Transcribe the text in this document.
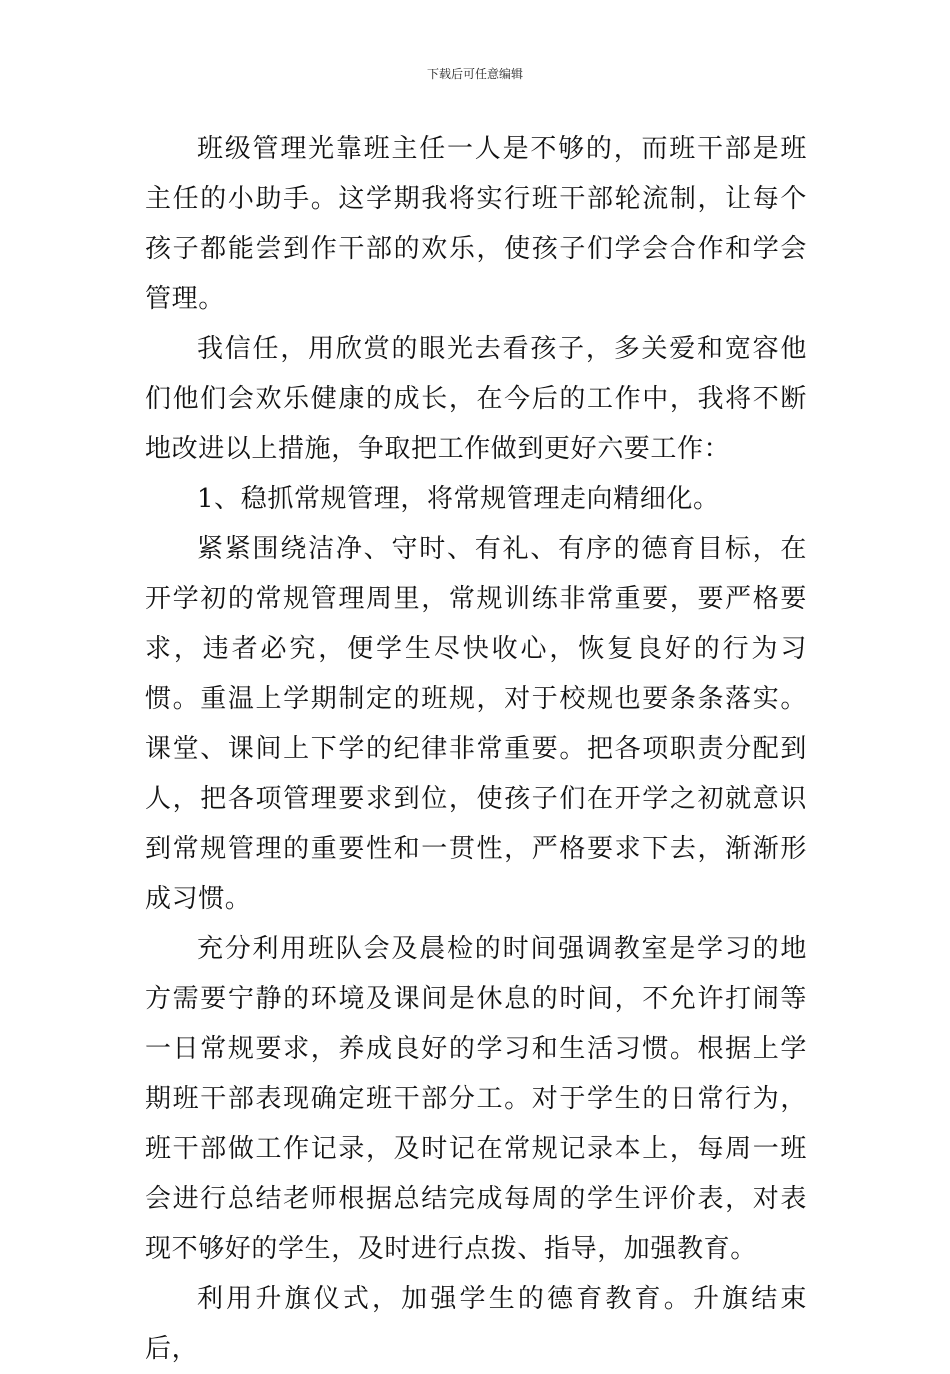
下载后可任意编辑

班级管理光靠班主任一人是不够的，而班干部是班主任的小助手。这学期我将实行班干部轮流制，让每个孩子都能尝到作干部的欢乐，使孩子们学会合作和学会管理。

我信任，用欣赏的眼光去看孩子，多关爱和宽容他们他们会欢乐健康的成长，在今后的工作中，我将不断地改进以上措施，争取把工作做到更好六要工作：

1、稳抓常规管理，将常规管理走向精细化。

紧紧围绕洁净、守时、有礼、有序的德育目标，在开学初的常规管理周里，常规训练非常重要，要严格要求，违者必究，便学生尽快收心，恢复良好的行为习惯。重温上学期制定的班规，对于校规也要条条落实。课堂、课间上下学的纪律非常重要。把各项职责分配到人，把各项管理要求到位，使孩子们在开学之初就意识到常规管理的重要性和一贯性，严格要求下去，渐渐形成习惯。

充分利用班队会及晨检的时间强调教室是学习的地方需要宁静的环境及课间是休息的时间，不允许打闹等一日常规要求，养成良好的学习和生活习惯。根据上学期班干部表现确定班干部分工。对于学生的日常行为，班干部做工作记录，及时记在常规记录本上，每周一班会进行总结老师根据总结完成每周的学生评价表，对表现不够好的学生，及时进行点拨、指导，加强教育。

利用升旗仪式，加强学生的德育教育。升旗结束后，
